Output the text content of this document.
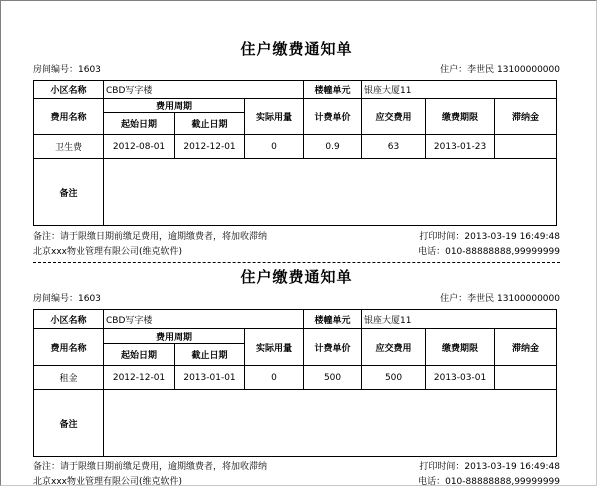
住户缴费通知单
房间编号：1603	住户：李世民 13100000000
小区名称	CBD写字楼			楼幢单元	银座大厦11		
费用名称	费用周期		实际用量	计费单价	应交费用	缴费期限	滞纳金
	起始日期	截止日期					
卫生费	2012-08-01	2012-12-01	0	0.9	63	2013-01-23	
备注							
备注：请于限缴日期前缴足费用，逾期缴费者，将加收滞纳	打印时间：2013-03-19 16:49:48
北京xxx物业管理有限公司(维克软件)	电话：010-88888888,99999999
住户缴费通知单
房间编号：1603	住户：李世民 13100000000
小区名称	CBD写字楼			楼幢单元	银座大厦11		
费用名称	费用周期		实际用量	计费单价	应交费用	缴费期限	滞纳金
	起始日期	截止日期					
租金	2012-12-01	2013-01-01	0	500	500	2013-03-01	
备注							
备注：请于限缴日期前缴足费用，逾期缴费者，将加收滞纳	打印时间：2013-03-19 16:49:48
北京xxx物业管理有限公司(维克软件)	电话：010-88888888,99999999
